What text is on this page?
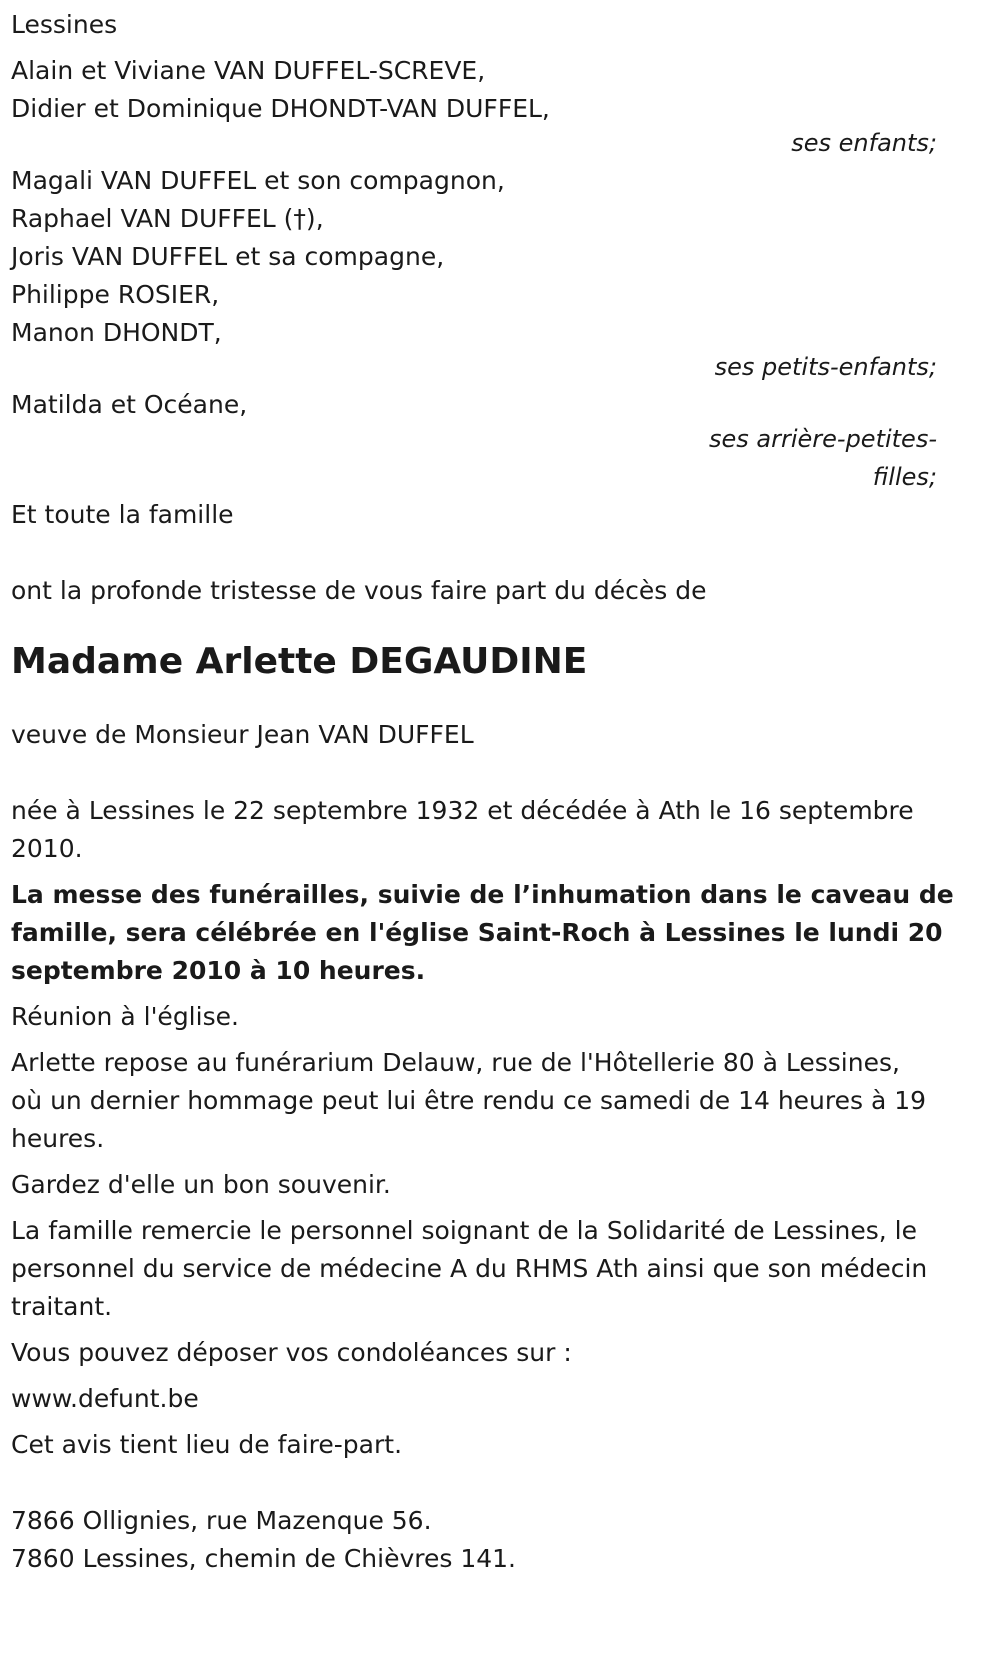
Lessines
Alain et Viviane VAN DUFFEL-SCREVE,
Didier et Dominique DHONDT-VAN DUFFEL,
ses enfants;
Magali VAN DUFFEL et son compagnon,
Raphael VAN DUFFEL (†),
Joris VAN DUFFEL et sa compagne,
Philippe ROSIER,
Manon DHONDT,
ses petits-enfants;
Matilda et Océane,
ses arrière-petites-
filles;
Et toute la famille
ont la profonde tristesse de vous faire part du décès de
Madame Arlette DEGAUDINE
veuve de Monsieur Jean VAN DUFFEL
née à Lessines le 22 septembre 1932 et décédée à Ath le 16 septembre
2010.
La messe des funérailles, suivie de l’inhumation dans le caveau de
famille, sera célébrée en l'église Saint-Roch à Lessines le lundi 20
septembre 2010 à 10 heures.
Réunion à l'église.
Arlette repose au funérarium Delauw, rue de l'Hôtellerie 80 à Lessines,
où un dernier hommage peut lui être rendu ce samedi de 14 heures à 19
heures.
Gardez d'elle un bon souvenir.
La famille remercie le personnel soignant de la Solidarité de Lessines, le
personnel du service de médecine A du RHMS Ath ainsi que son médecin
traitant.
Vous pouvez déposer vos condoléances sur :
www.defunt.be
Cet avis tient lieu de faire-part.
7866 Ollignies, rue Mazenque 56.
7860 Lessines, chemin de Chièvres 141.
